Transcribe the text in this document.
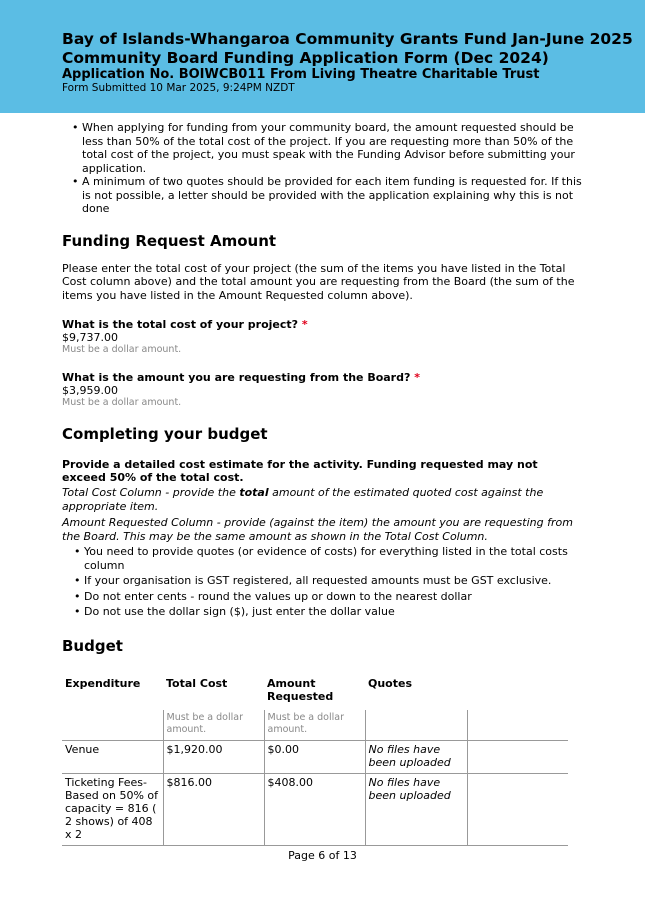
Bay of Islands-Whangaroa Community Grants Fund Jan-June 2025
Community Board Funding Application Form (Dec 2024)
Application No. BOIWCB011 From Living Theatre Charitable Trust
Form Submitted 10 Mar 2025, 9:24PM NZDT
• When applying for funding from your community board, the amount requested should be less than 50% of the total cost of the project. If you are requesting more than 50% of the total cost of the project, you must speak with the Funding Advisor before submitting your application.
• A minimum of two quotes should be provided for each item funding is requested for. If this is not possible, a letter should be provided with the application explaining why this is not done
Funding Request Amount

Please enter the total cost of your project (the sum of the items you have listed in the Total Cost column above) and the total amount you are requesting from the Board (the sum of the items you have listed in the Amount Requested column above).

What is the total cost of your project? *
$9,737.00
Must be a dollar amount.
What is the amount you are requesting from the Board? *
$3,959.00
Must be a dollar amount.
Completing your budget

Provide a detailed cost estimate for the activity. Funding requested may not exceed 50% of the total cost.

Total Cost Column - provide the total amount of the estimated quoted cost against the appropriate item.

Amount Requested Column - provide (against the item) the amount you are requesting from the Board. This may be the same amount as shown in the Total Cost Column.

• You need to provide quotes (or evidence of costs) for everything listed in the total costs column
• If your organisation is GST registered, all requested amounts must be GST exclusive.
• Do not enter cents - round the values up or down to the nearest dollar
• Do not use the dollar sign ($), just enter the dollar value
Budget
Expenditure	Total Cost	Amount Requested	Quotes	
	Must be a dollar amount.	Must be a dollar amount.		
Venue	$1,920.00	$0.00	No files have been uploaded	
Ticketing Fees- Based on 50% of capacity = 816 ( 2 shows) of 408 x 2	$816.00	$408.00	No files have been uploaded	
Page 6 of 13
